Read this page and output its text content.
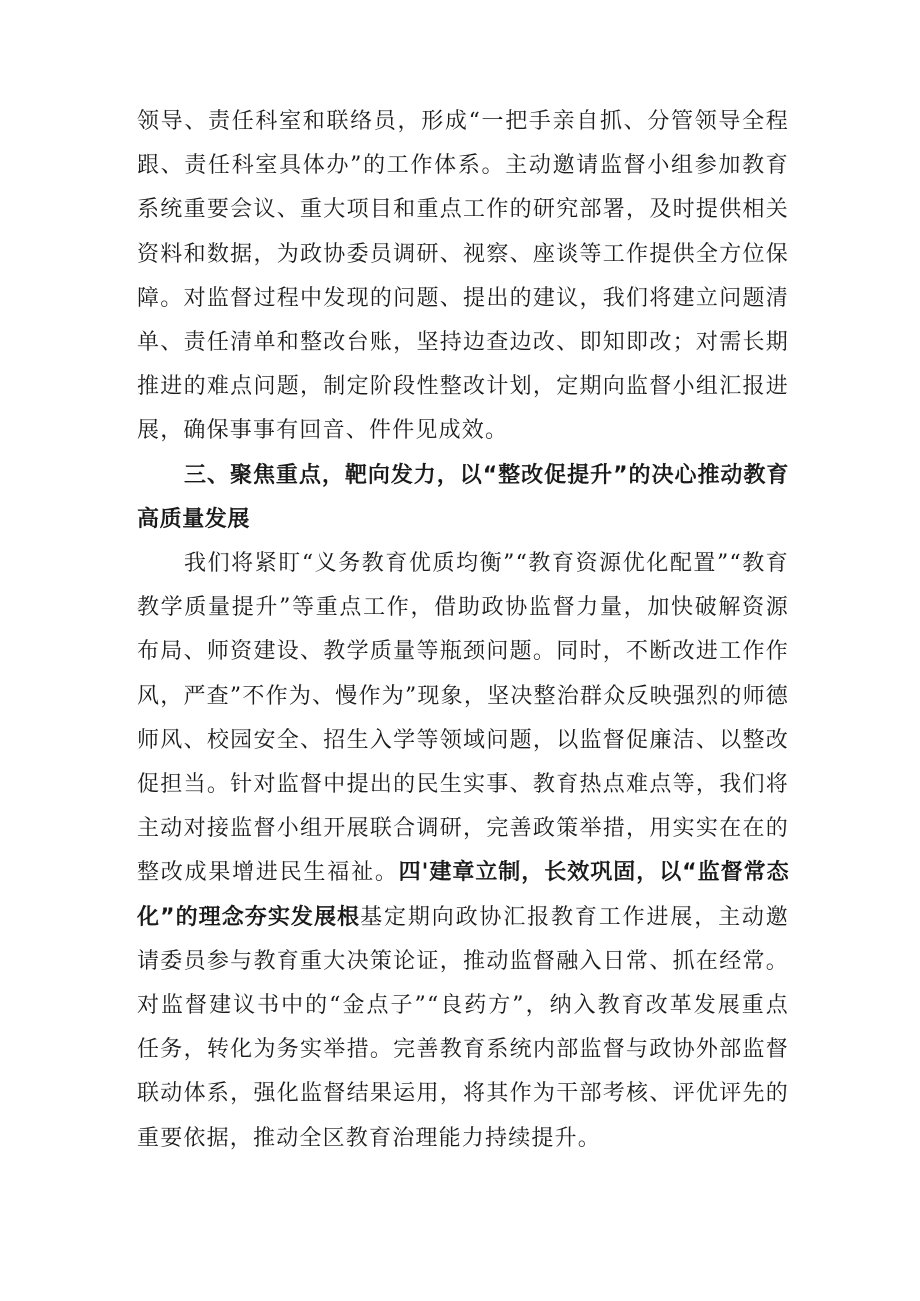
领导、责任科室和联络员，形成“一把手亲自抓、分管领导全程跟、责任科室具体办”的工作体系。主动邀请监督小组参加教育系统重要会议、重大项目和重点工作的研究部署，及时提供相关资料和数据，为政协委员调研、视察、座谈等工作提供全方位保障。对监督过程中发现的问题、提出的建议，我们将建立问题清单、责任清单和整改台账，坚持边查边改、即知即改；对需长期推进的难点问题，制定阶段性整改计划，定期向监督小组汇报进展，确保事事有回音、件件见成效。

三、聚焦重点，靶向发力，以“整改促提升”的决心推动教育高质量发展

我们将紧盯“义务教育优质均衡”“教育资源优化配置”“教育教学质量提升”等重点工作，借助政协监督力量，加快破解资源布局、师资建设、教学质量等瓶颈问题。同时，不断改进工作作风，严查”不作为、慢作为”现象，坚决整治群众反映强烈的师德师风、校园安全、招生入学等领域问题，以监督促廉洁、以整改促担当。针对监督中提出的民生实事、教育热点难点等，我们将主动对接监督小组开展联合调研，完善政策举措，用实实在在的整改成果增进民生福祉。四'建章立制，长效巩固，以“监督常态化”的理念夯实发展根基定期向政协汇报教育工作进展，主动邀请委员参与教育重大决策论证，推动监督融入日常、抓在经常。对监督建议书中的“金点子”“良药方”，纳入教育改革发展重点任务，转化为务实举措。完善教育系统内部监督与政协外部监督联动体系，强化监督结果运用，将其作为干部考核、评优评先的重要依据，推动全区教育治理能力持续提升。
